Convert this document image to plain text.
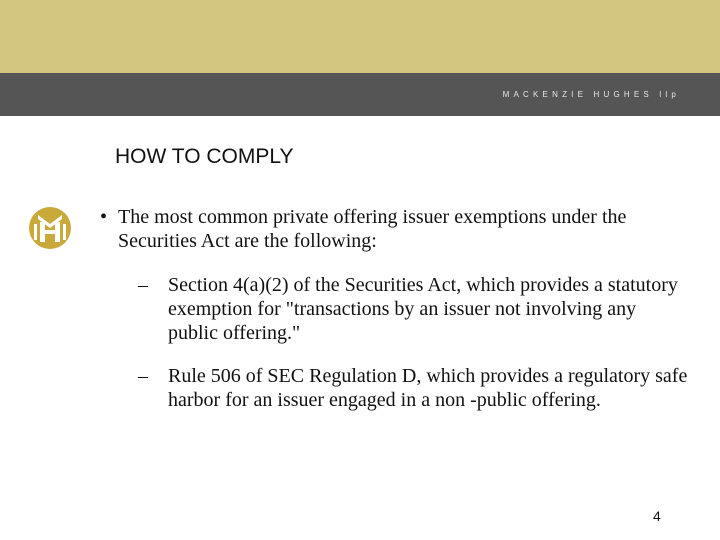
MACKENZIE HUGHES llp
HOW TO COMPLY
• The most common private offering issuer exemptions under the Securities Act are the following:
– Section 4(a)(2) of the Securities Act, which provides a statutory exemption for "transactions by an issuer not involving any public offering."
– Rule 506 of SEC Regulation D, which provides a regulatory safe harbor for an issuer engaged in a non -public offering.
4
